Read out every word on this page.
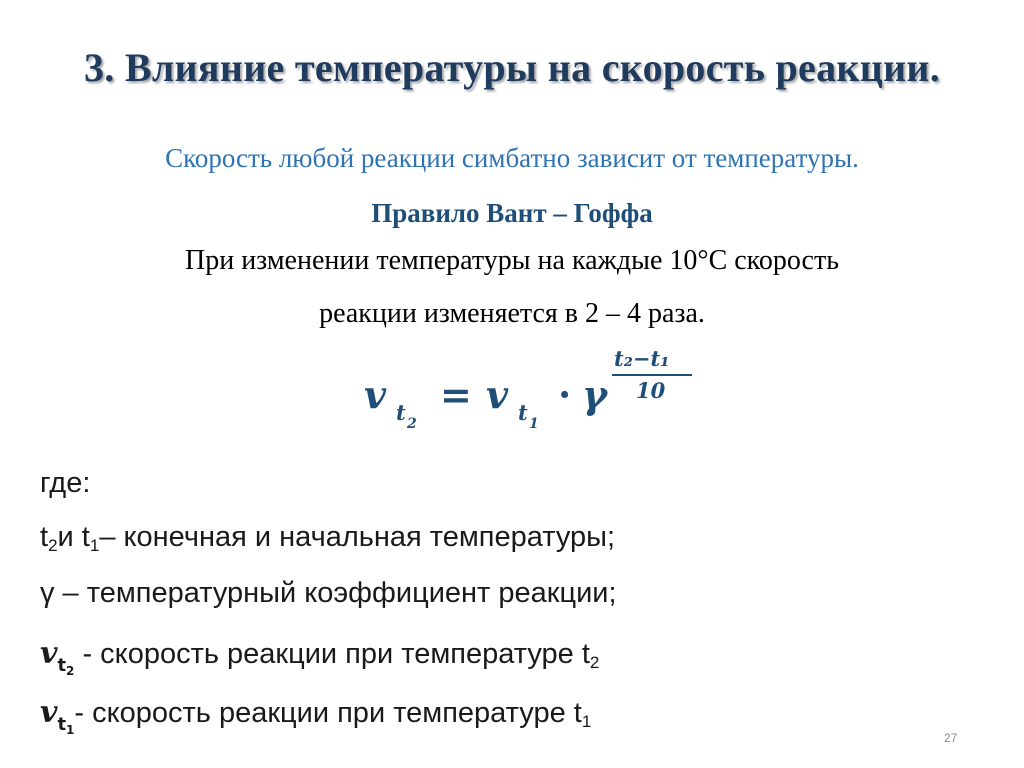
3. Влияние температуры на скорость реакции.
Скорость любой реакции симбатно зависит от температуры.
Правило Вант – Гоффа
При изменении температуры на каждые 10°С скорость
реакции изменяется в 2 – 4 раза.
𝒗 t 2
= 𝒗 t 1
· γ
t₂−t₁
10
где:
$t_2и$ $t_1-$ конечная и начальная температуры;
γ – температурный коэффициент реакции;
𝒗$_{t_2}$ - скорость реакции при температуре $t_2$
𝒗$_{t_1}$- скорость реакции при температуре $t_1$
27
